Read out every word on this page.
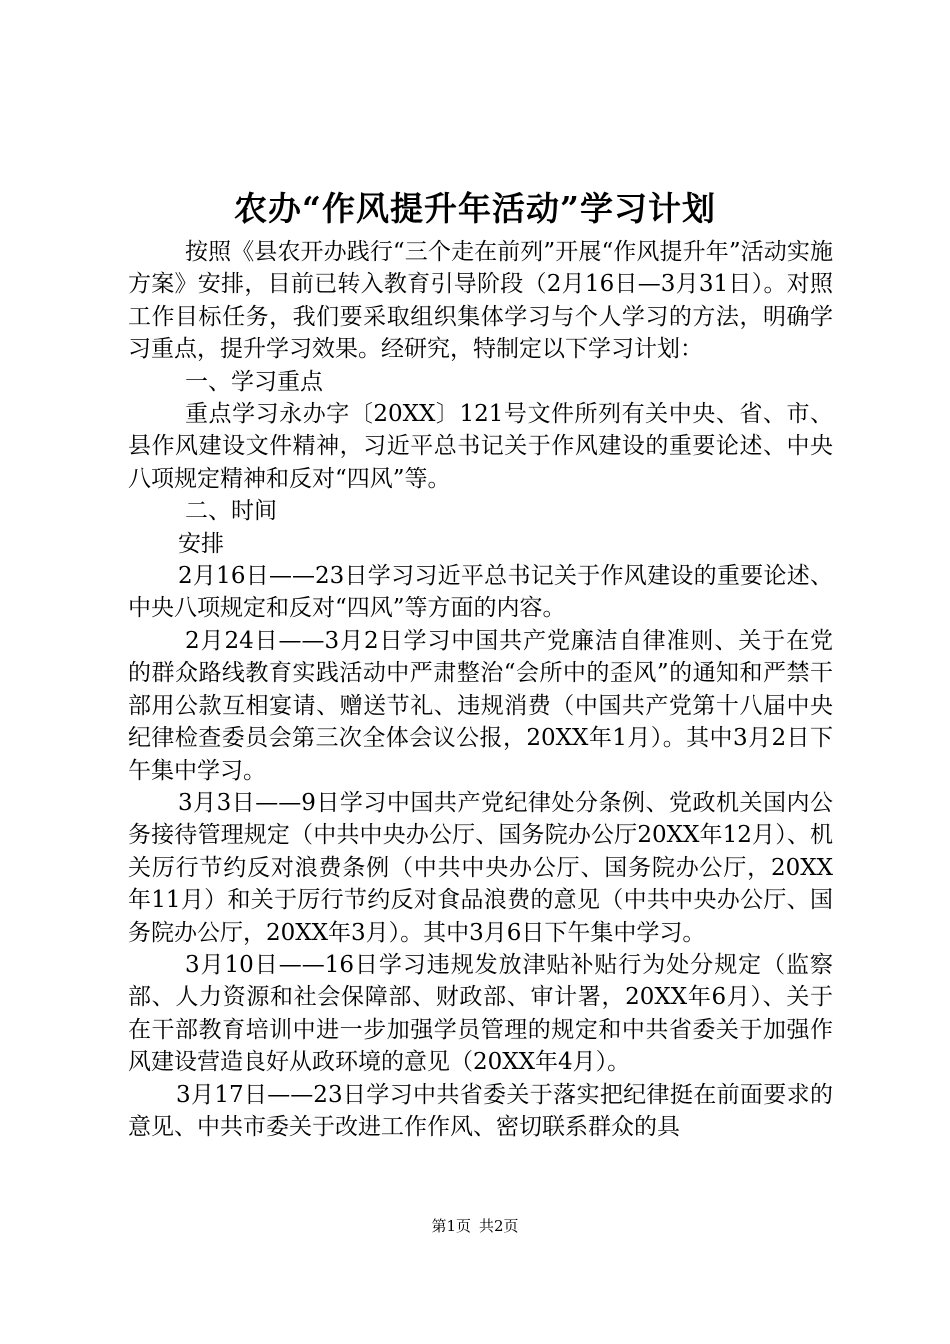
农办“作风提升年活动”学习计划

按照《县农开办践行“三个走在前列”开展“作风提升年”活动实施方案》安排，目前已转入教育引导阶段（2月16日—3月31日）。对照工作目标任务，我们要采取组织集体学习与个人学习的方法，明确学习重点，提升学习效果。经研究，特制定以下学习计划：

一、学习重点

重点学习永办字〔20XX〕121号文件所列有关中央、省、市、县作风建设文件精神，习近平总书记关于作风建设的重要论述、中央八项规定精神和反对“四风”等。

二、时间

安排

2月16日——23日学习习近平总书记关于作风建设的重要论述、中央八项规定和反对“四风”等方面的内容。

2月24日——3月2日学习中国共产党廉洁自律准则、关于在党的群众路线教育实践活动中严肃整治“会所中的歪风”的通知和严禁干部用公款互相宴请、赠送节礼、违规消费（中国共产党第十八届中央纪律检查委员会第三次全体会议公报，20XX年1月）。其中3月2日下午集中学习。

3月3日——9日学习中国共产党纪律处分条例、党政机关国内公务接待管理规定（中共中央办公厅、国务院办公厅20XX年12月）、机关厉行节约反对浪费条例（中共中央办公厅、国务院办公厅，20XX年11月）和关于厉行节约反对食品浪费的意见（中共中央办公厅、国务院办公厅，20XX年3月）。其中3月6日下午集中学习。

3月10日——16日学习违规发放津贴补贴行为处分规定（监察部、人力资源和社会保障部、财政部、审计署，20XX年6月）、关于在干部教育培训中进一步加强学员管理的规定和中共省委关于加强作风建设营造良好从政环境的意见（20XX年4月）。

3月17日——23日学习中共省委关于落实把纪律挺在前面要求的意见、中共市委关于改进工作作风、密切联系群众的具

第1页 共2页
